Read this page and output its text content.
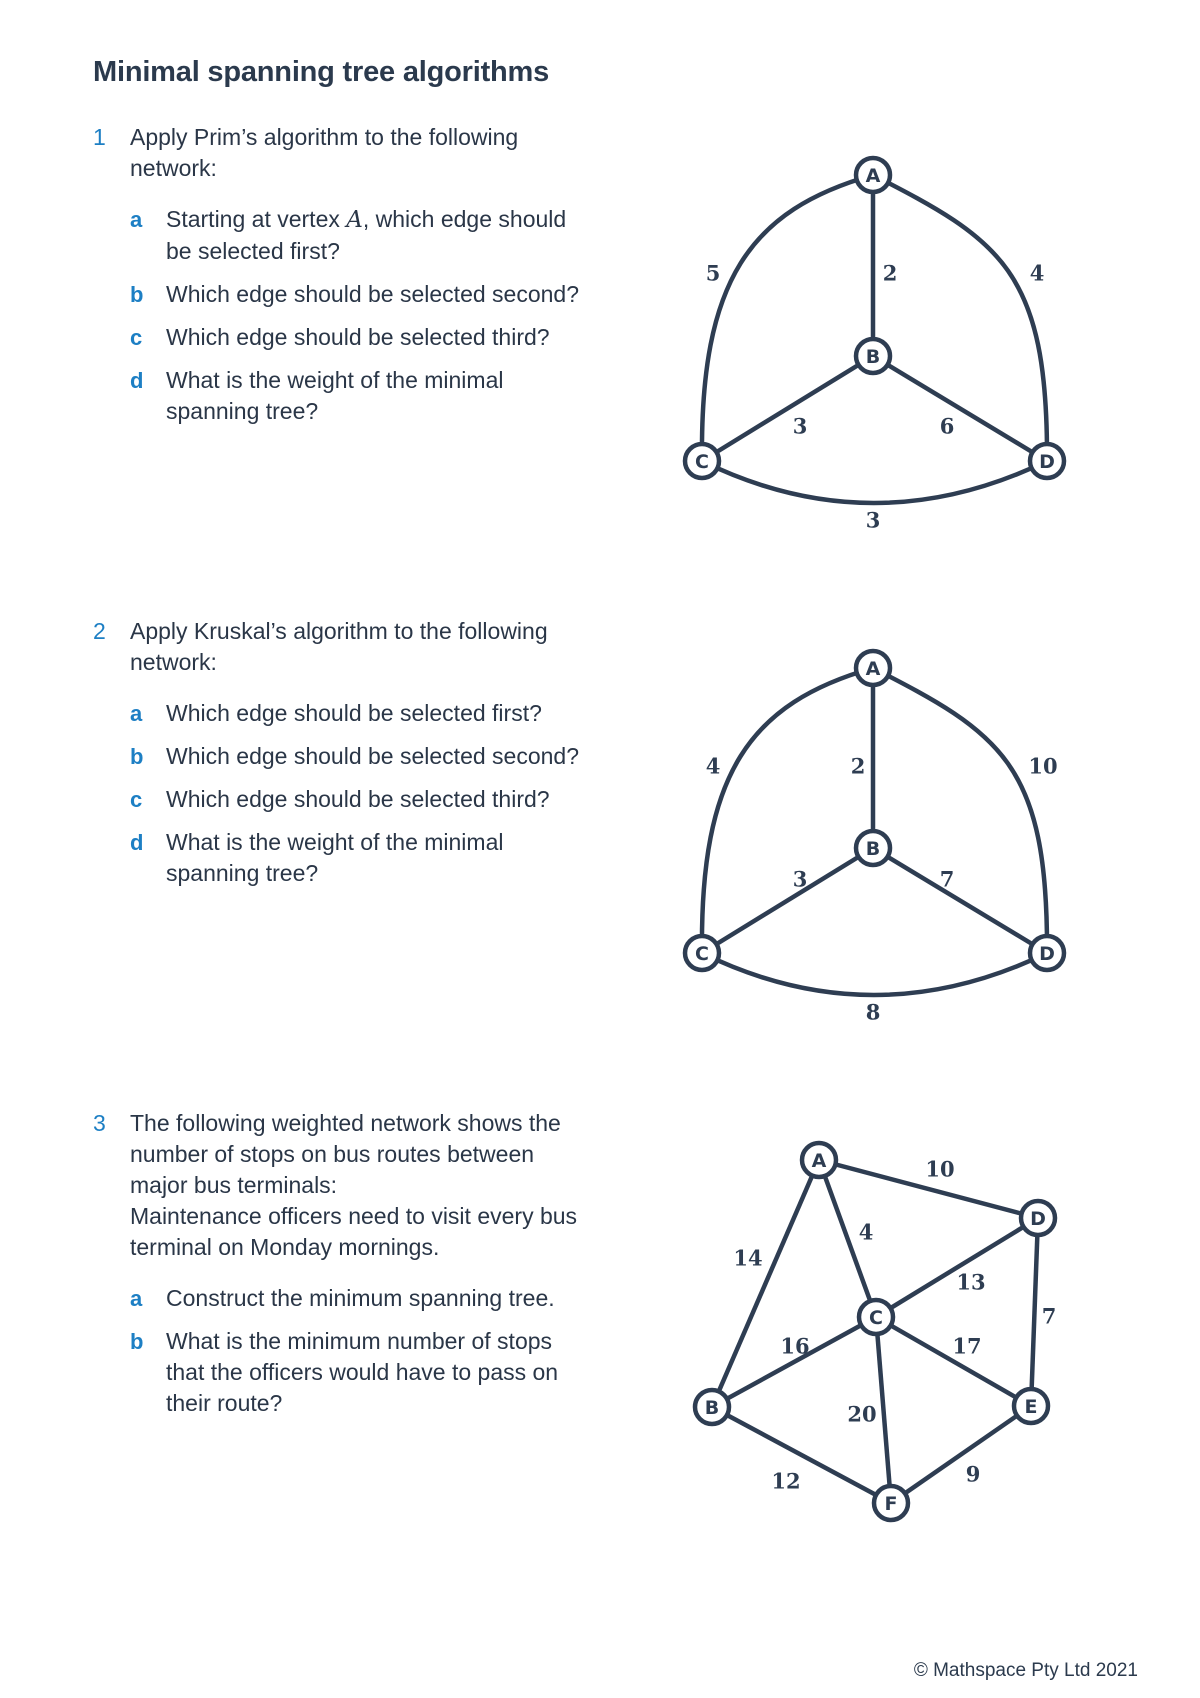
Minimal spanning tree algorithms
1	Apply Prim’s algorithm to the following
network:
a	Starting at vertex A, which edge should
be selected first?
b Which edge should be selected second?
c	Which edge should be selected third?
d What is the weight of the minimal
spanning tree?
2	Apply Kruskal’s algorithm to the following
network:
a	Which edge should be selected first?
b Which edge should be selected second?
c	Which edge should be selected third?
d What is the weight of the minimal
spanning tree?
3	The following weighted network shows the
number of stops on bus routes between
major bus terminals:
Maintenance officers need to visit every bus
terminal on Monday mornings.
a	Construct the minimum spanning tree.
b What is the minimum number of stops
that the officers would have to pass on
their route?
2
5	4
3	6
3
A
B
C	D
2
4	10
3	7
8
A
B
C	D
10
4
14
13
7
16	17
20
12	9
A
B
C
D
E
F
© Mathspace Pty Ltd 2021
